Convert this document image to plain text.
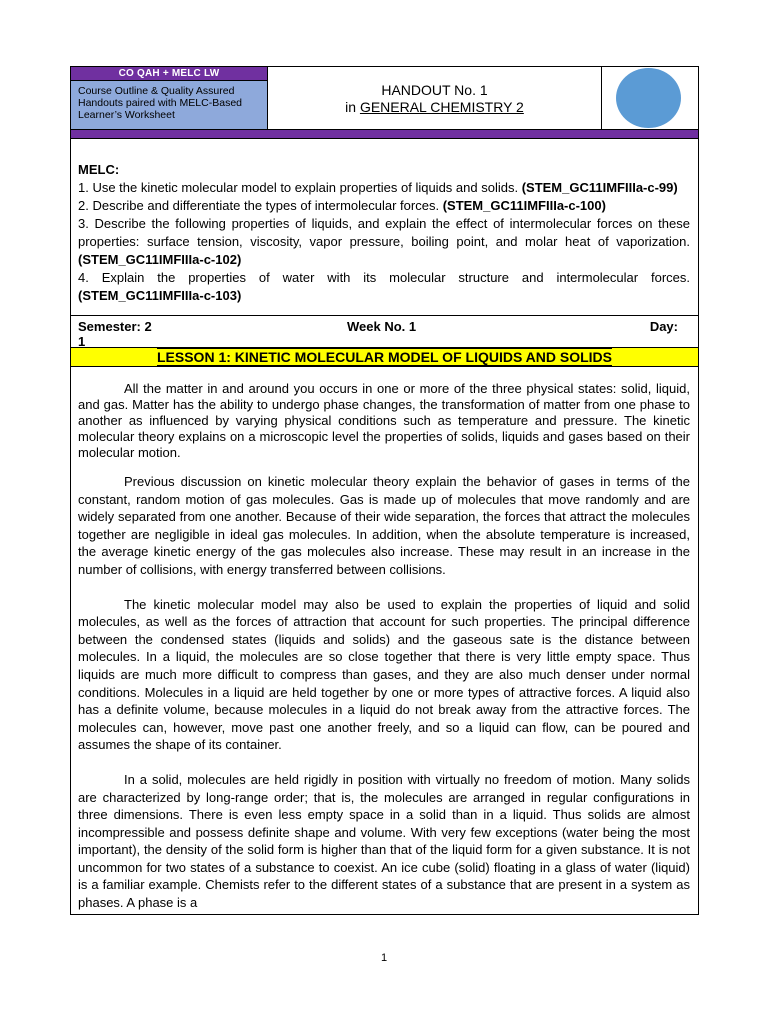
CO QAH + MELC LW
Course Outline & Quality Assured Handouts paired with MELC-Based Learner’s Worksheet
HANDOUT No. 1
in GENERAL CHEMISTRY 2
MELC:
1. Use the kinetic molecular model to explain properties of liquids and solids. (STEM_GC11IMFIIIa-c-99)
2. Describe and differentiate the types of intermolecular forces. (STEM_GC11IMFIIIa-c-100)
3. Describe the following properties of liquids, and explain the effect of intermolecular forces on these properties: surface tension, viscosity, vapor pressure, boiling point, and molar heat of vaporization. (STEM_GC11IMFIIIa-c-102)
4. Explain the properties of water with its molecular structure and intermolecular forces. (STEM_GC11IMFIIIa-c-103)
Semester: 2
1
Week No. 1	Day:
LESSON 1: KINETIC MOLECULAR MODEL OF LIQUIDS AND SOLIDS

All the matter in and around you occurs in one or more of the three physical states: solid, liquid, and gas. Matter has the ability to undergo phase changes, the transformation of matter from one phase to another as influenced by varying physical conditions such as temperature and pressure. The kinetic molecular theory explains on a microscopic level the properties of solids, liquids and gases based on their molecular motion.

Previous discussion on kinetic molecular theory explain the behavior of gases in terms of the constant, random motion of gas molecules. Gas is made up of molecules that move randomly and are widely separated from one another. Because of their wide separation, the forces that attract the molecules together are negligible in ideal gas molecules. In addition, when the absolute temperature is increased, the average kinetic energy of the gas molecules also increase. These may result in an increase in the number of collisions, with energy transferred between collisions.

The kinetic molecular model may also be used to explain the properties of liquid and solid molecules, as well as the forces of attraction that account for such properties. The principal difference between the condensed states (liquids and solids) and the gaseous sate is the distance between molecules. In a liquid, the molecules are so close together that there is very little empty space. Thus liquids are much more difficult to compress than gases, and they are also much denser under normal conditions. Molecules in a liquid are held together by one or more types of attractive forces. A liquid also has a definite volume, because molecules in a liquid do not break away from the attractive forces. The molecules can, however, move past one another freely, and so a liquid can flow, can be poured and assumes the shape of its container.

In a solid, molecules are held rigidly in position with virtually no freedom of motion. Many solids are characterized by long-range order; that is, the molecules are arranged in regular configurations in three dimensions. There is even less empty space in a solid than in a liquid. Thus solids are almost incompressible and possess definite shape and volume. With very few exceptions (water being the most important), the density of the solid form is higher than that of the liquid form for a given substance. It is not uncommon for two states of a substance to coexist. An ice cube (solid) floating in a glass of water (liquid) is a familiar example. Chemists refer to the different states of a substance that are present in a system as phases. A phase is a

1
